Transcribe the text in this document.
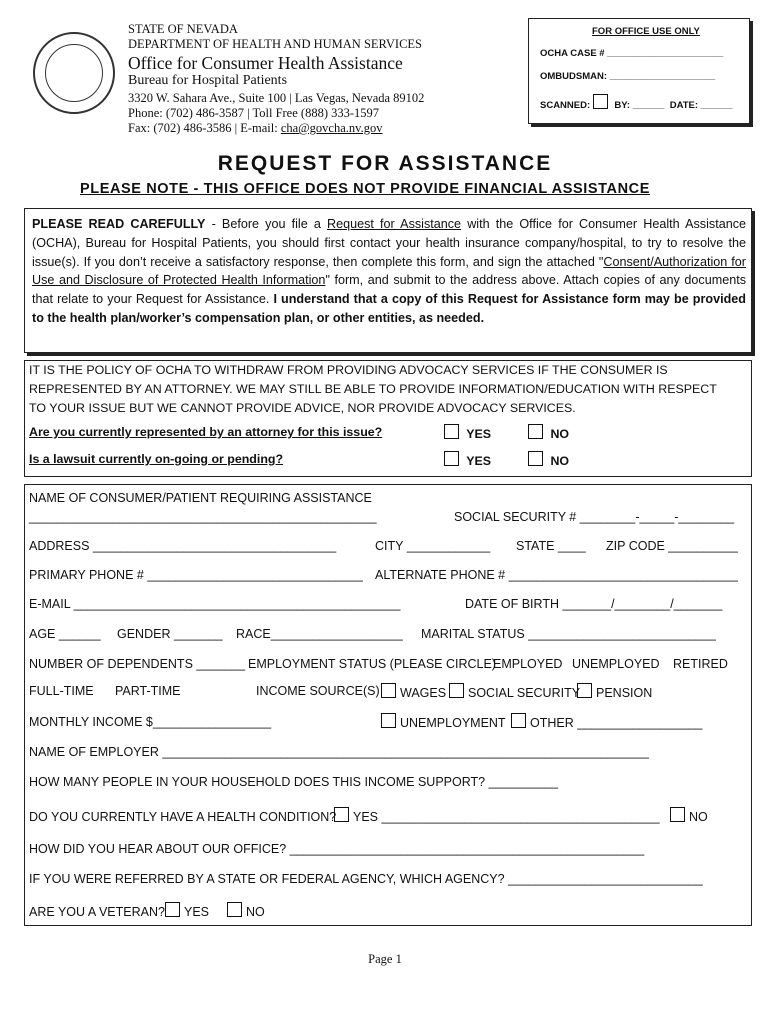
STATE OF NEVADA
DEPARTMENT OF HEALTH AND HUMAN SERVICES
Office for Consumer Health Assistance
Bureau for Hospital Patients
3320 W. Sahara Ave., Suite 100 | Las Vegas, Nevada 89102
Phone: (702) 486-3587 | Toll Free (888) 333-1597
Fax: (702) 486-3586 | E-mail: cha@govcha.nv.gov
FOR OFFICE USE ONLY
OCHA CASE # ______________________
OMBUDSMAN: ____________________
SCANNED:	BY: ______ DATE: ______
REQUEST FOR ASSISTANCE
PLEASE NOTE - THIS OFFICE DOES NOT PROVIDE FINANCIAL ASSISTANCE
PLEASE READ CAREFULLY - Before you file a Request for Assistance with the Office for Consumer Health Assistance (OCHA), Bureau for Hospital Patients, you should first contact your health insurance company/hospital, to try to resolve the issue(s). If you don’t receive a satisfactory response, then complete this form, and sign the attached "Consent/Authorization for Use and Disclosure of Protected Health Information" form, and submit to the address above. Attach copies of any documents that relate to your Request for Assistance. I understand that a copy of this Request for Assistance form may be provided to the health plan/worker’s compensation plan, or other entities, as needed.
IT IS THE POLICY OF OCHA TO WITHDRAW FROM PROVIDING ADVOCACY SERVICES IF THE CONSUMER IS
REPRESENTED BY AN ATTORNEY. WE MAY STILL BE ABLE TO PROVIDE INFORMATION/EDUCATION WITH RESPECT
TO YOUR ISSUE BUT WE CANNOT PROVIDE ADVICE, NOR PROVIDE ADVOCACY SERVICES.
Are you currently represented by an attorney for this issue?	YES	NO
Is a lawsuit currently on-going or pending?	YES	NO
NAME OF CONSUMER/PATIENT REQUIRING ASSISTANCE
__________________________________________________	SOCIAL SECURITY # ________-_____-________
ADDRESS ___________________________________	CITY ____________ STATE ____ ZIP CODE __________
PRIMARY PHONE # _______________________________ ALTERNATE PHONE # _________________________________
E-MAIL _______________________________________________	DATE OF BIRTH _______/________/_______
AGE ______ GENDER _______ RACE___________________ MARITAL STATUS ___________________________
NUMBER OF DEPENDENTS _______ EMPLOYMENT STATUS (PLEASE CIRCLE)
EMPLOYED UNEMPLOYED RETIRED
FULL-TIME PART-TIME	INCOME SOURCE(S)	WAGES	SOCIAL SECURITY	PENSION
MONTHLY INCOME $_________________	UNEMPLOYMENT	OTHER __________________
NAME OF EMPLOYER ______________________________________________________________________
HOW MANY PEOPLE IN YOUR HOUSEHOLD DOES THIS INCOME SUPPORT? __________
DO YOU CURRENTLY HAVE A HEALTH CONDITION?	YES ________________________________________	NO
HOW DID YOU HEAR ABOUT OUR OFFICE? ___________________________________________________
IF YOU WERE REFERRED BY A STATE OR FEDERAL AGENCY, WHICH AGENCY? ____________________________
ARE YOU A VETERAN?	YES	NO
Page 1
